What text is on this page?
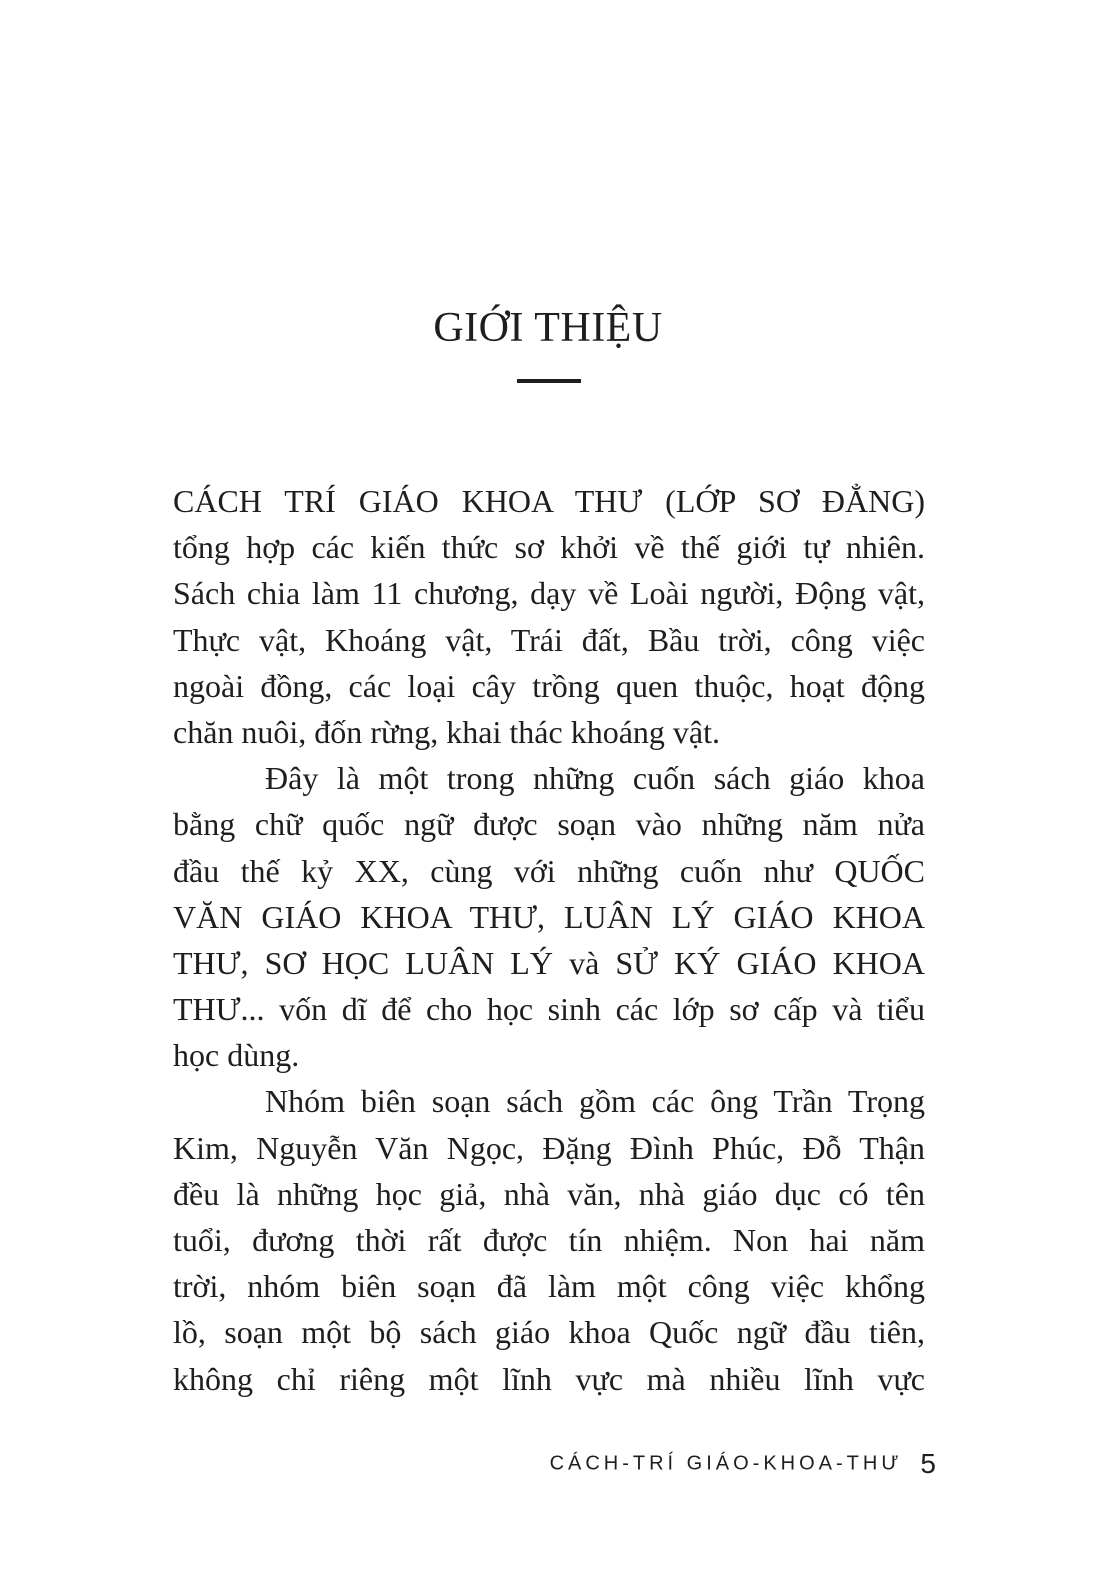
GIỚI THIỆU
CÁCH TRÍ GIÁO KHOA THƯ (LỚP SƠ ĐẲNG)
tổng hợp các kiến thức sơ khởi về thế giới tự nhiên.
Sách chia làm 11 chương, dạy về Loài người, Động vật,
Thực vật, Khoáng vật, Trái đất, Bầu trời, công việc
ngoài đồng, các loại cây trồng quen thuộc, hoạt động
chăn nuôi, đốn rừng, khai thác khoáng vật.
Đây là một trong những cuốn sách giáo khoa
bằng chữ quốc ngữ được soạn vào những năm nửa
đầu thế kỷ XX, cùng với những cuốn như QUỐC
VĂN GIÁO KHOA THƯ, LUÂN LÝ GIÁO KHOA
THƯ, SƠ HỌC LUÂN LÝ và SỬ KÝ GIÁO KHOA
THƯ... vốn dĩ để cho học sinh các lớp sơ cấp và tiểu
học dùng.
Nhóm biên soạn sách gồm các ông Trần Trọng
Kim, Nguyễn Văn Ngọc, Đặng Đình Phúc, Đỗ Thận
đều là những học giả, nhà văn, nhà giáo dục có tên
tuổi, đương thời rất được tín nhiệm. Non hai năm
trời, nhóm biên soạn đã làm một công việc khổng
lồ, soạn một bộ sách giáo khoa Quốc ngữ đầu tiên,
không chỉ riêng một lĩnh vực mà nhiều lĩnh vực
CÁCH-TRÍ GIÁO-KHOA-THƯ 5
